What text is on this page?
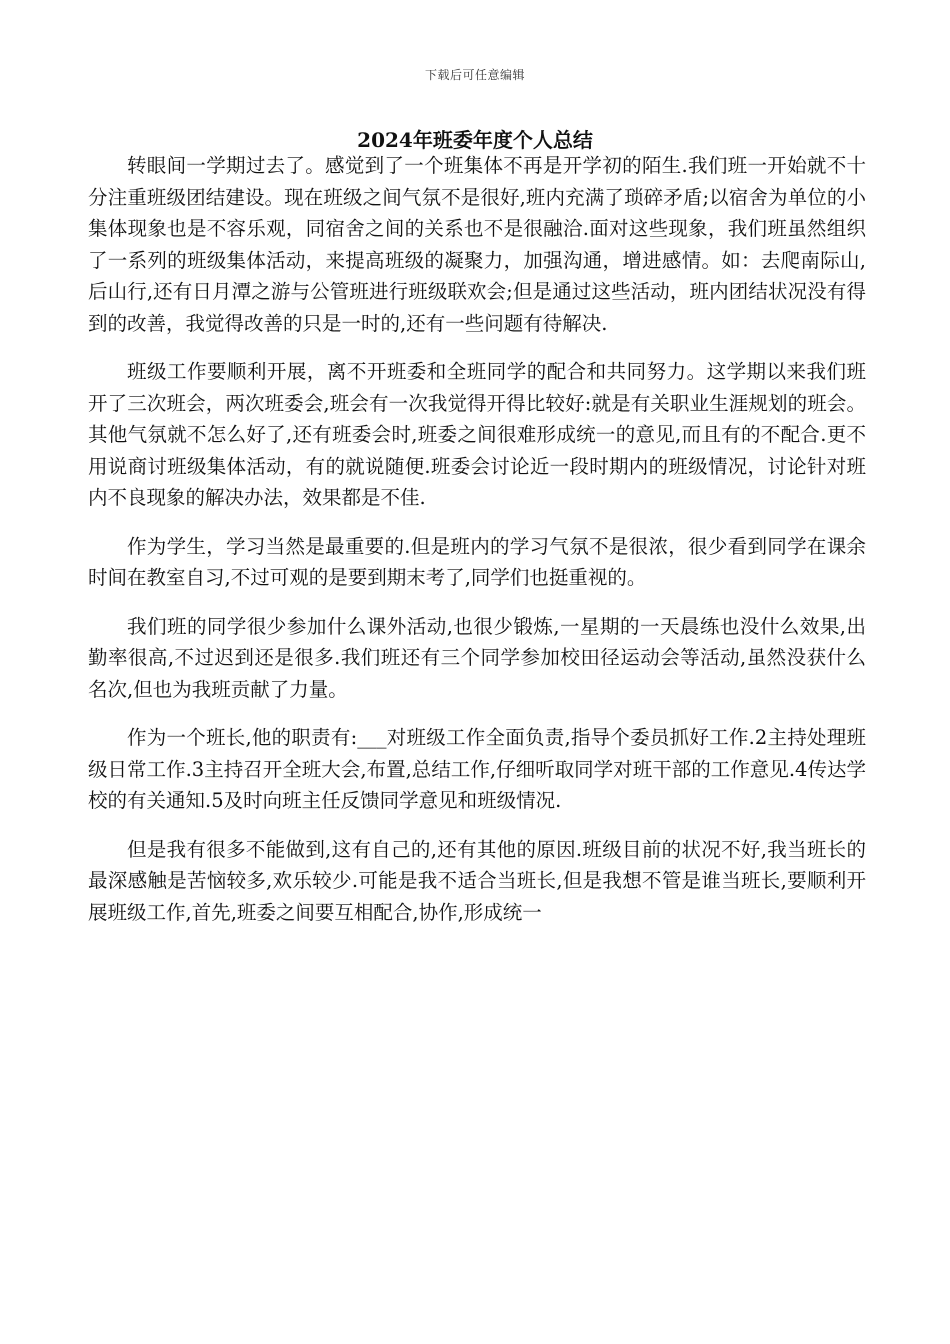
下载后可任意编辑
2024年班委年度个人总结

转眼间一学期过去了。感觉到了一个班集体不再是开学初的陌生.我们班一开始就不十分注重班级团结建设。现在班级之间气氛不是很好,班内充满了琐碎矛盾;以宿舍为单位的小集体现象也是不容乐观，同宿舍之间的关系也不是很融洽.面对这些现象，我们班虽然组织了一系列的班级集体活动，来提高班级的凝聚力，加强沟通，增进感情。如：去爬南际山,后山行,还有日月潭之游与公管班进行班级联欢会;但是通过这些活动，班内团结状况没有得到的改善，我觉得改善的只是一时的,还有一些问题有待解决.

班级工作要顺利开展，离不开班委和全班同学的配合和共同努力。这学期以来我们班开了三次班会，两次班委会,班会有一次我觉得开得比较好:就是有关职业生涯规划的班会。其他气氛就不怎么好了,还有班委会时,班委之间很难形成统一的意见,而且有的不配合.更不用说商讨班级集体活动，有的就说随便.班委会讨论近一段时期内的班级情况，讨论针对班内不良现象的解决办法，效果都是不佳.

作为学生，学习当然是最重要的.但是班内的学习气氛不是很浓，很少看到同学在课余时间在教室自习,不过可观的是要到期末考了,同学们也挺重视的。

我们班的同学很少参加什么课外活动,也很少锻炼,一星期的一天晨练也没什么效果,出勤率很高,不过迟到还是很多.我们班还有三个同学参加校田径运动会等活动,虽然没获什么名次,但也为我班贡献了力量。

作为一个班长,他的职责有:___对班级工作全面负责,指导个委员抓好工作.2主持处理班级日常工作.3主持召开全班大会,布置,总结工作,仔细听取同学对班干部的工作意见.4传达学校的有关通知.5及时向班主任反馈同学意见和班级情况.

但是我有很多不能做到,这有自己的,还有其他的原因.班级目前的状况不好,我当班长的最深感触是苦恼较多,欢乐较少.可能是我不适合当班长,但是我想不管是谁当班长,要顺利开展班级工作,首先,班委之间要互相配合,协作,形成统一
